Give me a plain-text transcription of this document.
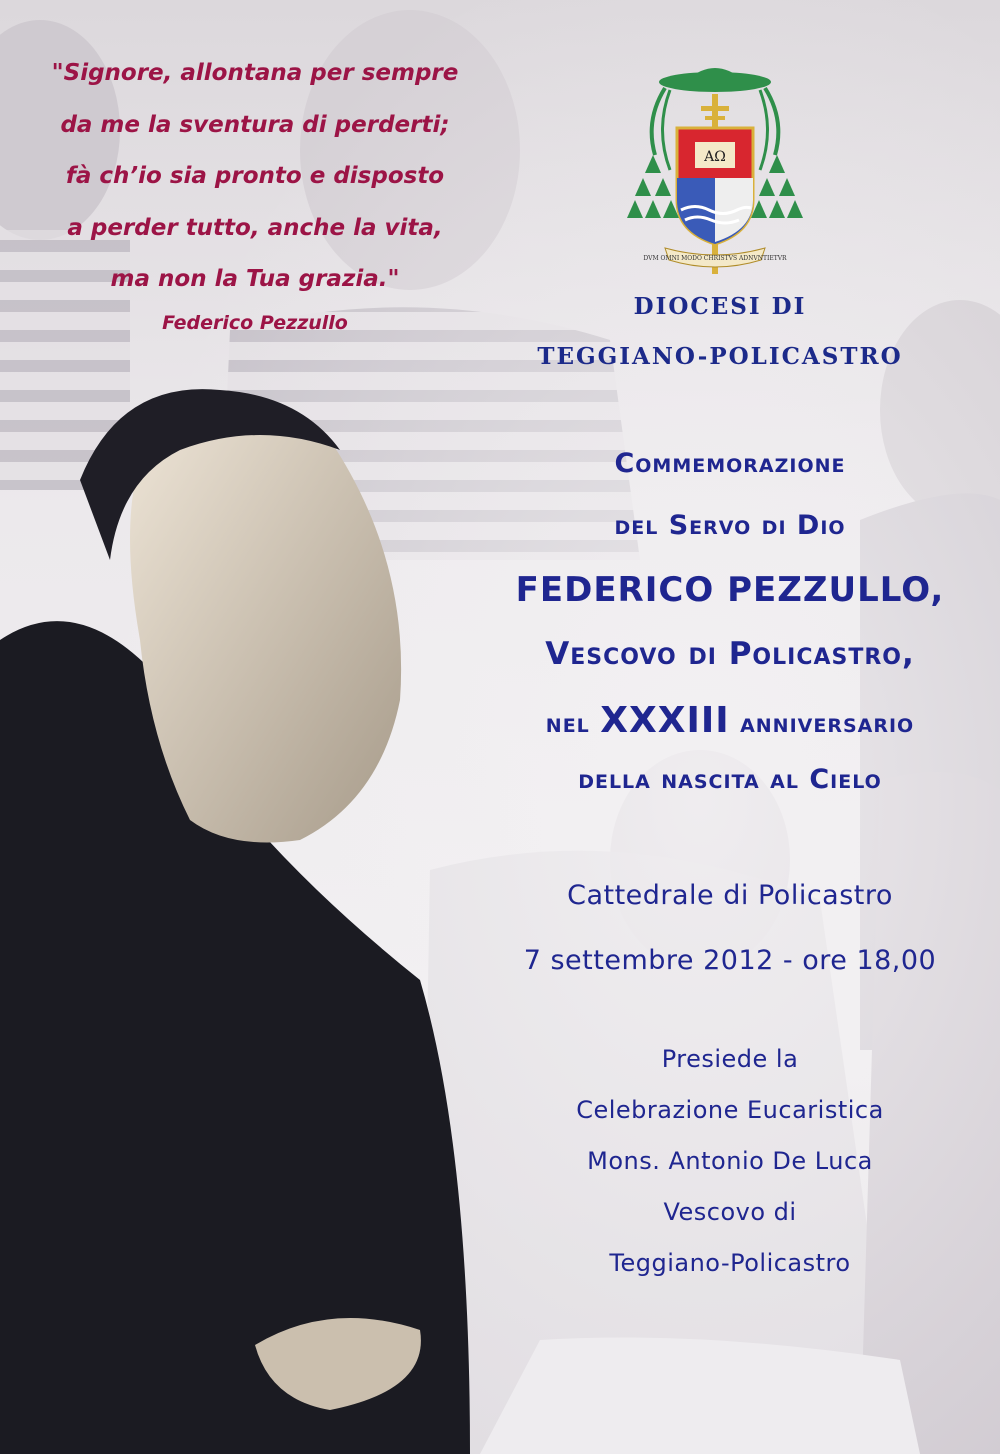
"Signore, allontana per sempre
da me la sventura di perderti;
fà ch’io sia pronto e disposto
a perder tutto, anche la vita,
ma non la Tua grazia."
Federico Pezzullo
ΑΩ
DVM OMNI MODO CHRISTVS ADNVNTIETVR
DIOCESI DI
TEGGIANO-POLICASTRO
Commemorazione
del Servo di Dio
FEDERICO PEZZULLO,
Vescovo di Policastro,
nel XXXIII anniversario
della nascita al Cielo
Cattedrale di Policastro
7 settembre 2012 - ore 18,00
Presiede la
Celebrazione Eucaristica
Mons. Antonio De Luca
Vescovo di
Teggiano-Policastro
